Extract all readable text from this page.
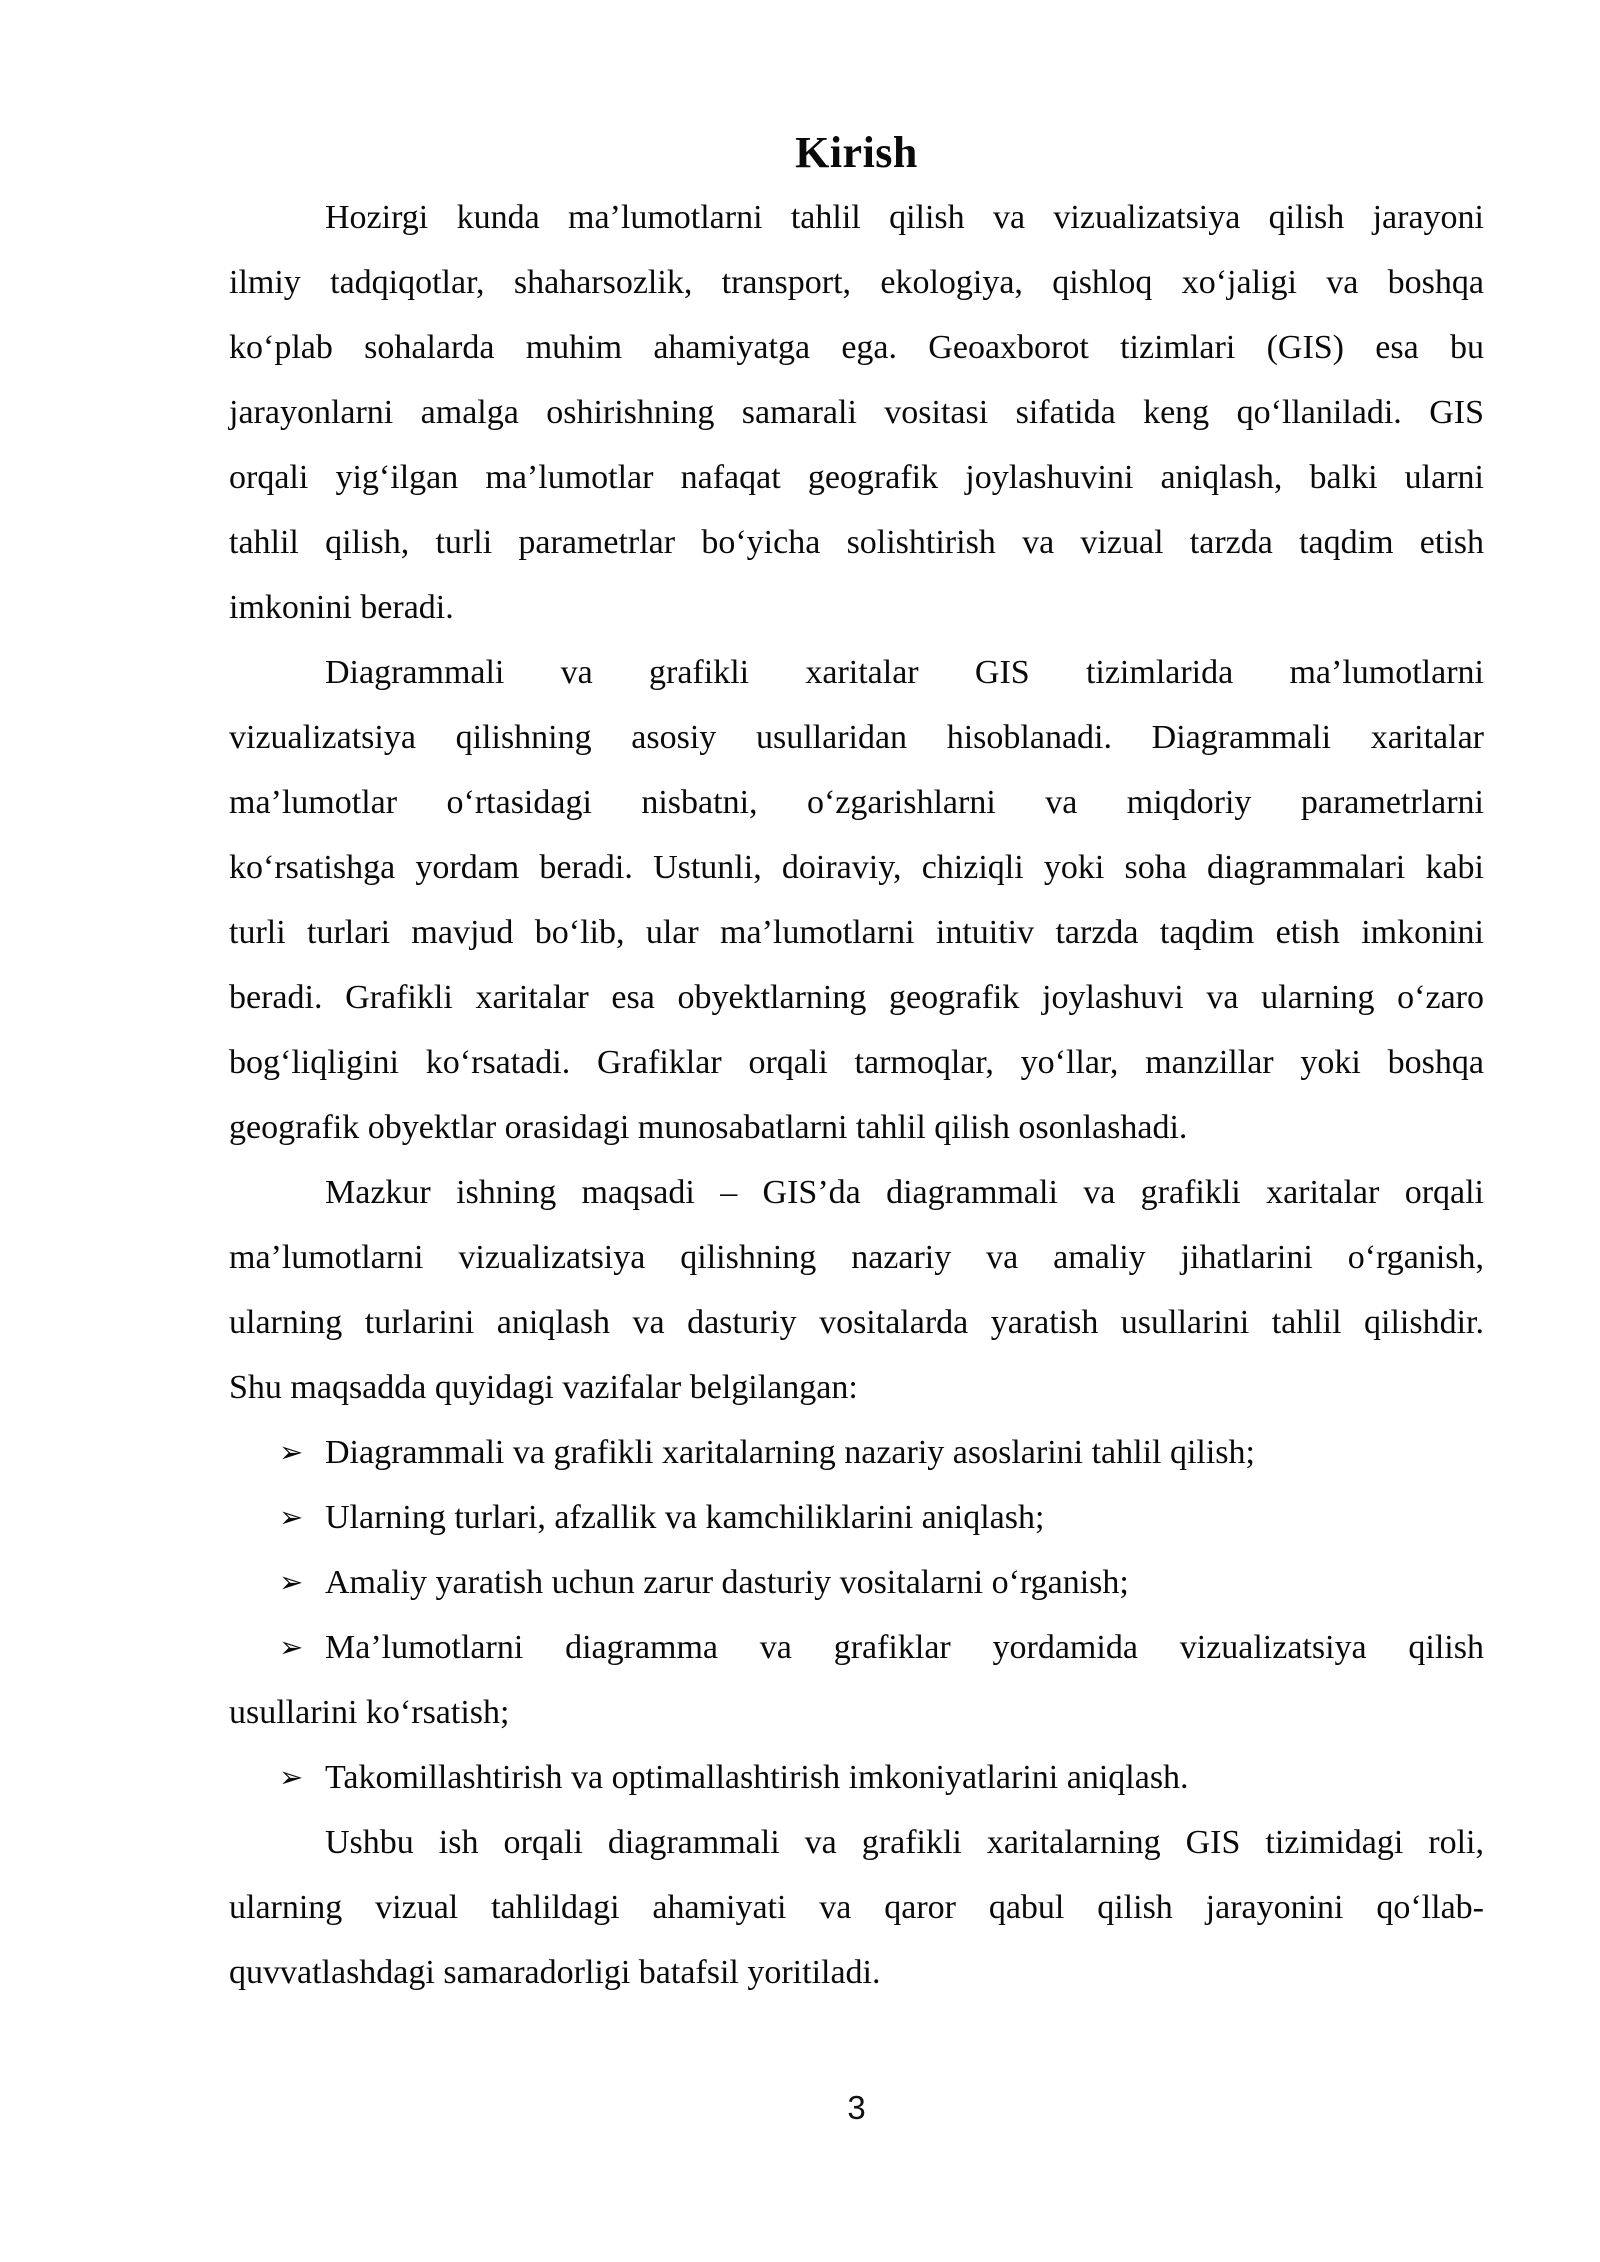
Kirish
Hozirgi kunda ma’lumotlarni tahlil qilish va vizualizatsiya qilish jarayoni
ilmiy tadqiqotlar, shaharsozlik, transport, ekologiya, qishloq xo‘jaligi va boshqa
ko‘plab sohalarda muhim ahamiyatga ega. Geoaxborot tizimlari (GIS) esa bu
jarayonlarni amalga oshirishning samarali vositasi sifatida keng qo‘llaniladi. GIS
orqali yig‘ilgan ma’lumotlar nafaqat geografik joylashuvini aniqlash, balki ularni
tahlil qilish, turli parametrlar bo‘yicha solishtirish va vizual tarzda taqdim etish
imkonini beradi.
Diagrammali va grafikli xaritalar GIS tizimlarida ma’lumotlarni
vizualizatsiya qilishning asosiy usullaridan hisoblanadi. Diagrammali xaritalar
ma’lumotlar o‘rtasidagi nisbatni, o‘zgarishlarni va miqdoriy parametrlarni
ko‘rsatishga yordam beradi. Ustunli, doiraviy, chiziqli yoki soha diagrammalari kabi
turli turlari mavjud bo‘lib, ular ma’lumotlarni intuitiv tarzda taqdim etish imkonini
beradi. Grafikli xaritalar esa obyektlarning geografik joylashuvi va ularning o‘zaro
bog‘liqligini ko‘rsatadi. Grafiklar orqali tarmoqlar, yo‘llar, manzillar yoki boshqa
geografik obyektlar orasidagi munosabatlarni tahlil qilish osonlashadi.
Mazkur ishning maqsadi – GIS’da diagrammali va grafikli xaritalar orqali
ma’lumotlarni vizualizatsiya qilishning nazariy va amaliy jihatlarini o‘rganish,
ularning turlarini aniqlash va dasturiy vositalarda yaratish usullarini tahlil qilishdir.
Shu maqsadda quyidagi vazifalar belgilangan:
➢ Diagrammali va grafikli xaritalarning nazariy asoslarini tahlil qilish;
➢ Ularning turlari, afzallik va kamchiliklarini aniqlash;
➢ Amaliy yaratish uchun zarur dasturiy vositalarni o‘rganish;
➢ Ma’lumotlarni diagramma va grafiklar yordamida vizualizatsiya qilish
usullarini ko‘rsatish;
➢ Takomillashtirish va optimallashtirish imkoniyatlarini aniqlash.
Ushbu ish orqali diagrammali va grafikli xaritalarning GIS tizimidagi roli,
ularning vizual tahlildagi ahamiyati va qaror qabul qilish jarayonini qo‘llab-
quvvatlashdagi samaradorligi batafsil yoritiladi.
3
